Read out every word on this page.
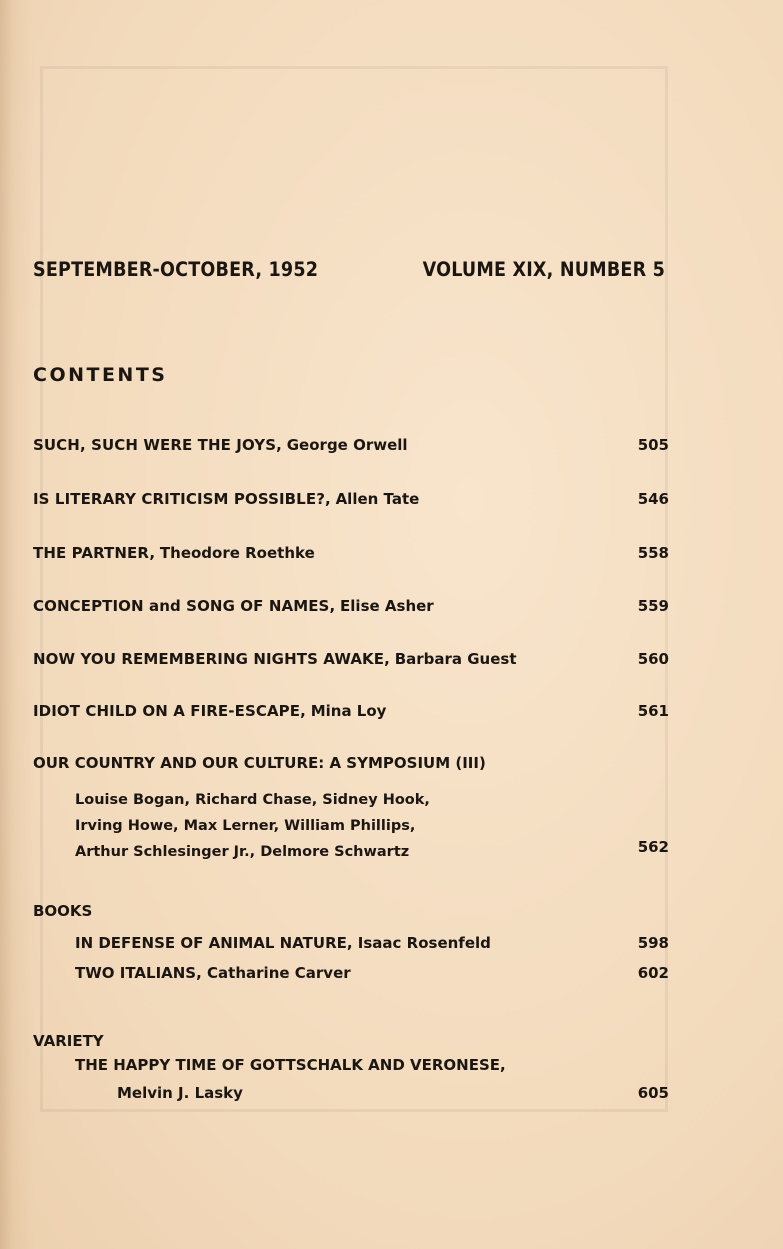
SEPTEMBER-OCTOBER, 1952	VOLUME XIX, NUMBER 5
CONTENTS
SUCH, SUCH WERE THE JOYS, George Orwell	505
IS LITERARY CRITICISM POSSIBLE?, Allen Tate	546
THE PARTNER, Theodore Roethke	558
CONCEPTION and SONG OF NAMES, Elise Asher	559
NOW YOU REMEMBERING NIGHTS AWAKE, Barbara Guest	560
IDIOT CHILD ON A FIRE-ESCAPE, Mina Loy	561
OUR COUNTRY AND OUR CULTURE: A SYMPOSIUM (III)
Louise Bogan, Richard Chase, Sidney Hook,
Irving Howe, Max Lerner, William Phillips,
Arthur Schlesinger Jr., Delmore Schwartz	562
BOOKS
IN DEFENSE OF ANIMAL NATURE, Isaac Rosenfeld	598
TWO ITALIANS, Catharine Carver	602
VARIETY
THE HAPPY TIME OF GOTTSCHALK AND VERONESE,
Melvin J. Lasky	605
